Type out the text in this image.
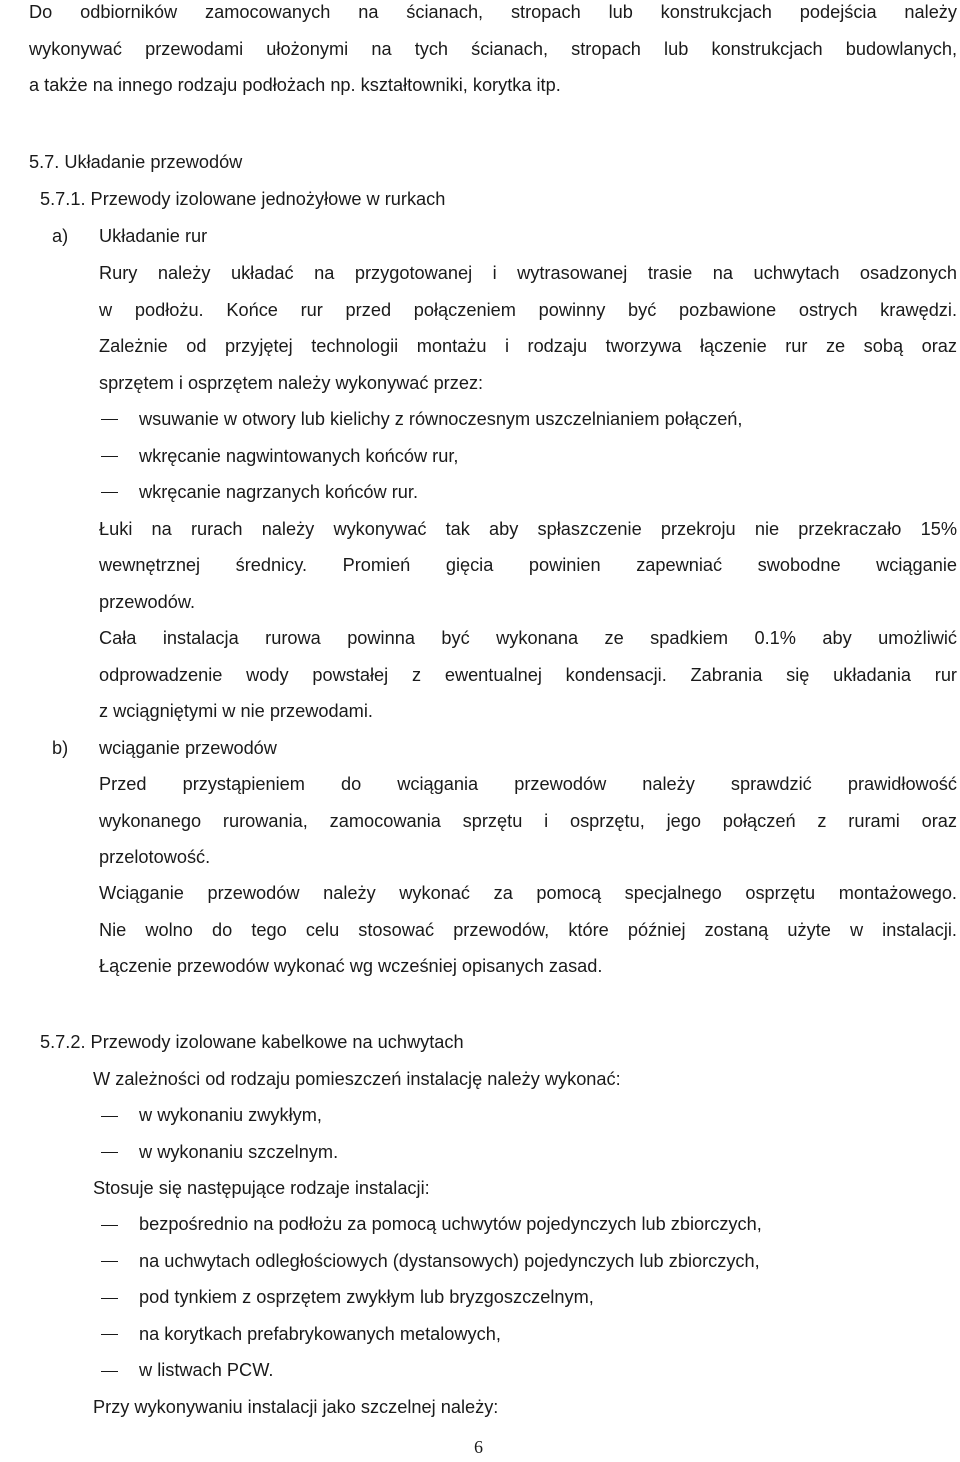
Do odbiorników zamocowanych na ścianach, stropach lub konstrukcjach podejścia należy
wykonywać przewodami ułożonymi na tych ścianach, stropach lub konstrukcjach budowlanych,
a także na innego rodzaju podłożach np. kształtowniki, korytka itp.
5.7. Układanie przewodów
5.7.1. Przewody izolowane jednożyłowe w rurkach
a) Układanie rur
Rury należy układać na przygotowanej i wytrasowanej trasie na uchwytach osadzonych
w podłożu. Końce rur przed połączeniem powinny być pozbawione ostrych krawędzi.
Zależnie od przyjętej technologii montażu i rodzaju tworzywa łączenie rur ze sobą oraz
sprzętem i osprzętem należy wykonywać przez:
wsuwanie w otwory lub kielichy z równoczesnym uszczelnianiem połączeń,
wkręcanie nagwintowanych końców rur,
wkręcanie nagrzanych końców rur.
Łuki na rurach należy wykonywać tak aby spłaszczenie przekroju nie przekraczało 15%
wewnętrznej średnicy. Promień gięcia powinien zapewniać swobodne wciąganie
przewodów.
Cała instalacja rurowa powinna być wykonana ze spadkiem 0.1% aby umożliwić
odprowadzenie wody powstałej z ewentualnej kondensacji. Zabrania się układania rur
z wciągniętymi w nie przewodami.
b) wciąganie przewodów
Przed przystąpieniem do wciągania przewodów należy sprawdzić prawidłowość
wykonanego rurowania, zamocowania sprzętu i osprzętu, jego połączeń z rurami oraz
przelotowość.
Wciąganie przewodów należy wykonać za pomocą specjalnego osprzętu montażowego.
Nie wolno do tego celu stosować przewodów, które później zostaną użyte w instalacji.
Łączenie przewodów wykonać wg wcześniej opisanych zasad.
5.7.2. Przewody izolowane kabelkowe na uchwytach
W zależności od rodzaju pomieszczeń instalację należy wykonać:
w wykonaniu zwykłym,
w wykonaniu szczelnym.
Stosuje się następujące rodzaje instalacji:
bezpośrednio na podłożu za pomocą uchwytów pojedynczych lub zbiorczych,
na uchwytach odległościowych (dystansowych) pojedynczych lub zbiorczych,
pod tynkiem z osprzętem zwykłym lub bryzgoszczelnym,
na korytkach prefabrykowanych metalowych,
w listwach PCW.
Przy wykonywaniu instalacji jako szczelnej należy:
6
